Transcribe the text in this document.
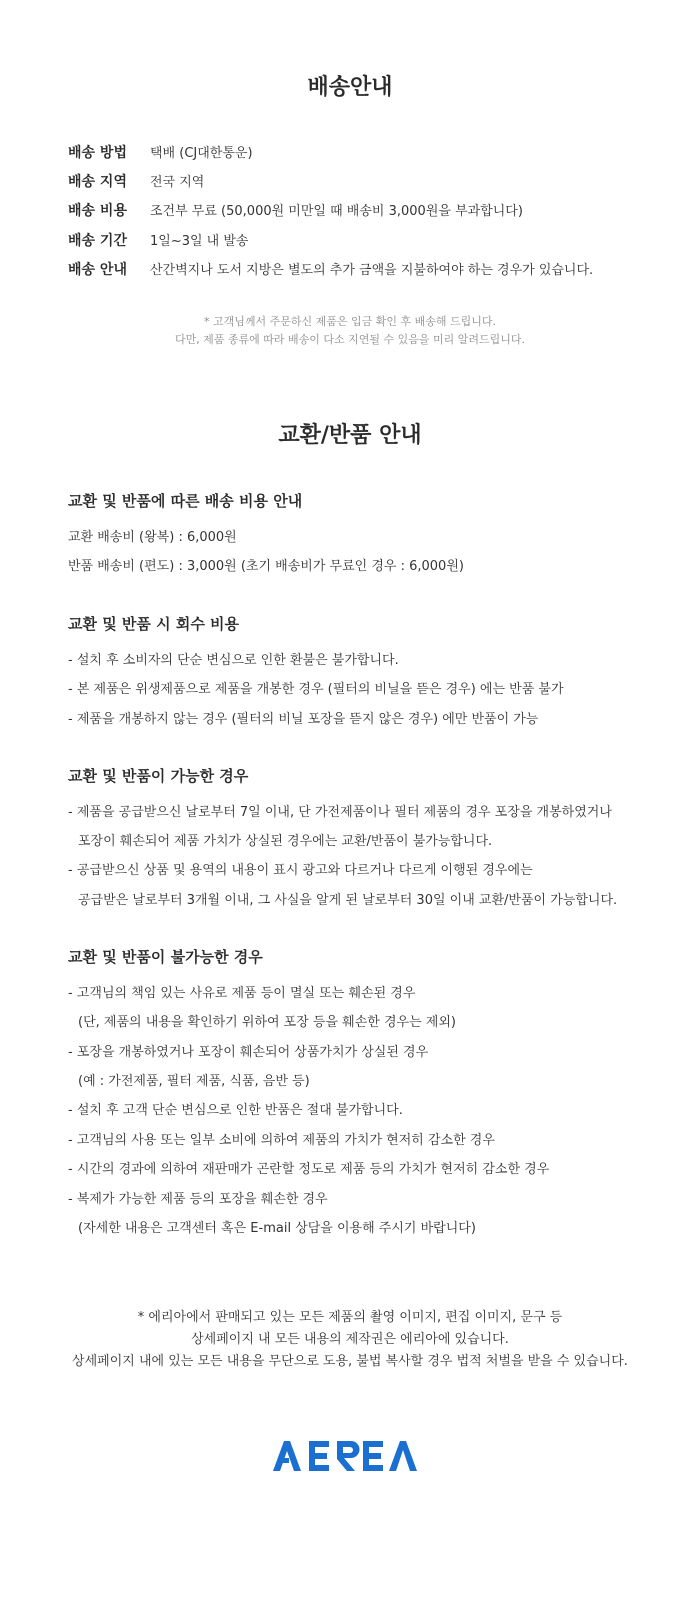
배송안내
배송 방법 택배 (CJ대한통운)
배송 지역 전국 지역
배송 비용 조건부 무료 (50,000원 미만일 때 배송비 3,000원을 부과합니다)
배송 기간 1일~3일 내 발송
배송 안내 산간벽지나 도서 지방은 별도의 추가 금액을 지불하여야 하는 경우가 있습니다.
* 고객님께서 주문하신 제품은 입금 확인 후 배송해 드립니다.
다만, 제품 종류에 따라 배송이 다소 지연될 수 있음을 미리 알려드립니다.
교환/반품 안내
교환 및 반품에 따른 배송 비용 안내
교환 배송비 (왕복) : 6,000원
반품 배송비 (편도) : 3,000원 (초기 배송비가 무료인 경우 : 6,000원)
교환 및 반품 시 회수 비용
- 설치 후 소비자의 단순 변심으로 인한 환불은 불가합니다.
- 본 제품은 위생제품으로 제품을 개봉한 경우 (필터의 비닐을 뜯은 경우) 에는 반품 불가
- 제품을 개봉하지 않는 경우 (필터의 비닐 포장을 뜯지 않은 경우) 에만 반품이 가능
교환 및 반품이 가능한 경우
- 제품을 공급받으신 날로부터 7일 이내, 단 가전제품이나 필터 제품의 경우 포장을 개봉하였거나
포장이 훼손되어 제품 가치가 상실된 경우에는 교환/반품이 불가능합니다.
- 공급받으신 상품 및 용역의 내용이 표시 광고와 다르거나 다르게 이행된 경우에는
공급받은 날로부터 3개월 이내, 그 사실을 알게 된 날로부터 30일 이내 교환/반품이 가능합니다.
교환 및 반품이 불가능한 경우
- 고객님의 책임 있는 사유로 제품 등이 멸실 또는 훼손된 경우
(단, 제품의 내용을 확인하기 위하여 포장 등을 훼손한 경우는 제외)
- 포장을 개봉하였거나 포장이 훼손되어 상품가치가 상실된 경우
(예 : 가전제품, 필터 제품, 식품, 음반 등)
- 설치 후 고객 단순 변심으로 인한 반품은 절대 불가합니다.
- 고객님의 사용 또는 일부 소비에 의하여 제품의 가치가 현저히 감소한 경우
- 시간의 경과에 의하여 재판매가 곤란할 정도로 제품 등의 가치가 현저히 감소한 경우
- 복제가 가능한 제품 등의 포장을 훼손한 경우
(자세한 내용은 고객센터 혹은 E-mail 상담을 이용해 주시기 바랍니다)
* 에리아에서 판매되고 있는 모든 제품의 촬영 이미지, 편집 이미지, 문구 등
상세페이지 내 모든 내용의 제작권은 에리아에 있습니다.
상세페이지 내에 있는 모든 내용을 무단으로 도용, 불법 복사할 경우 법적 처벌을 받을 수 있습니다.
